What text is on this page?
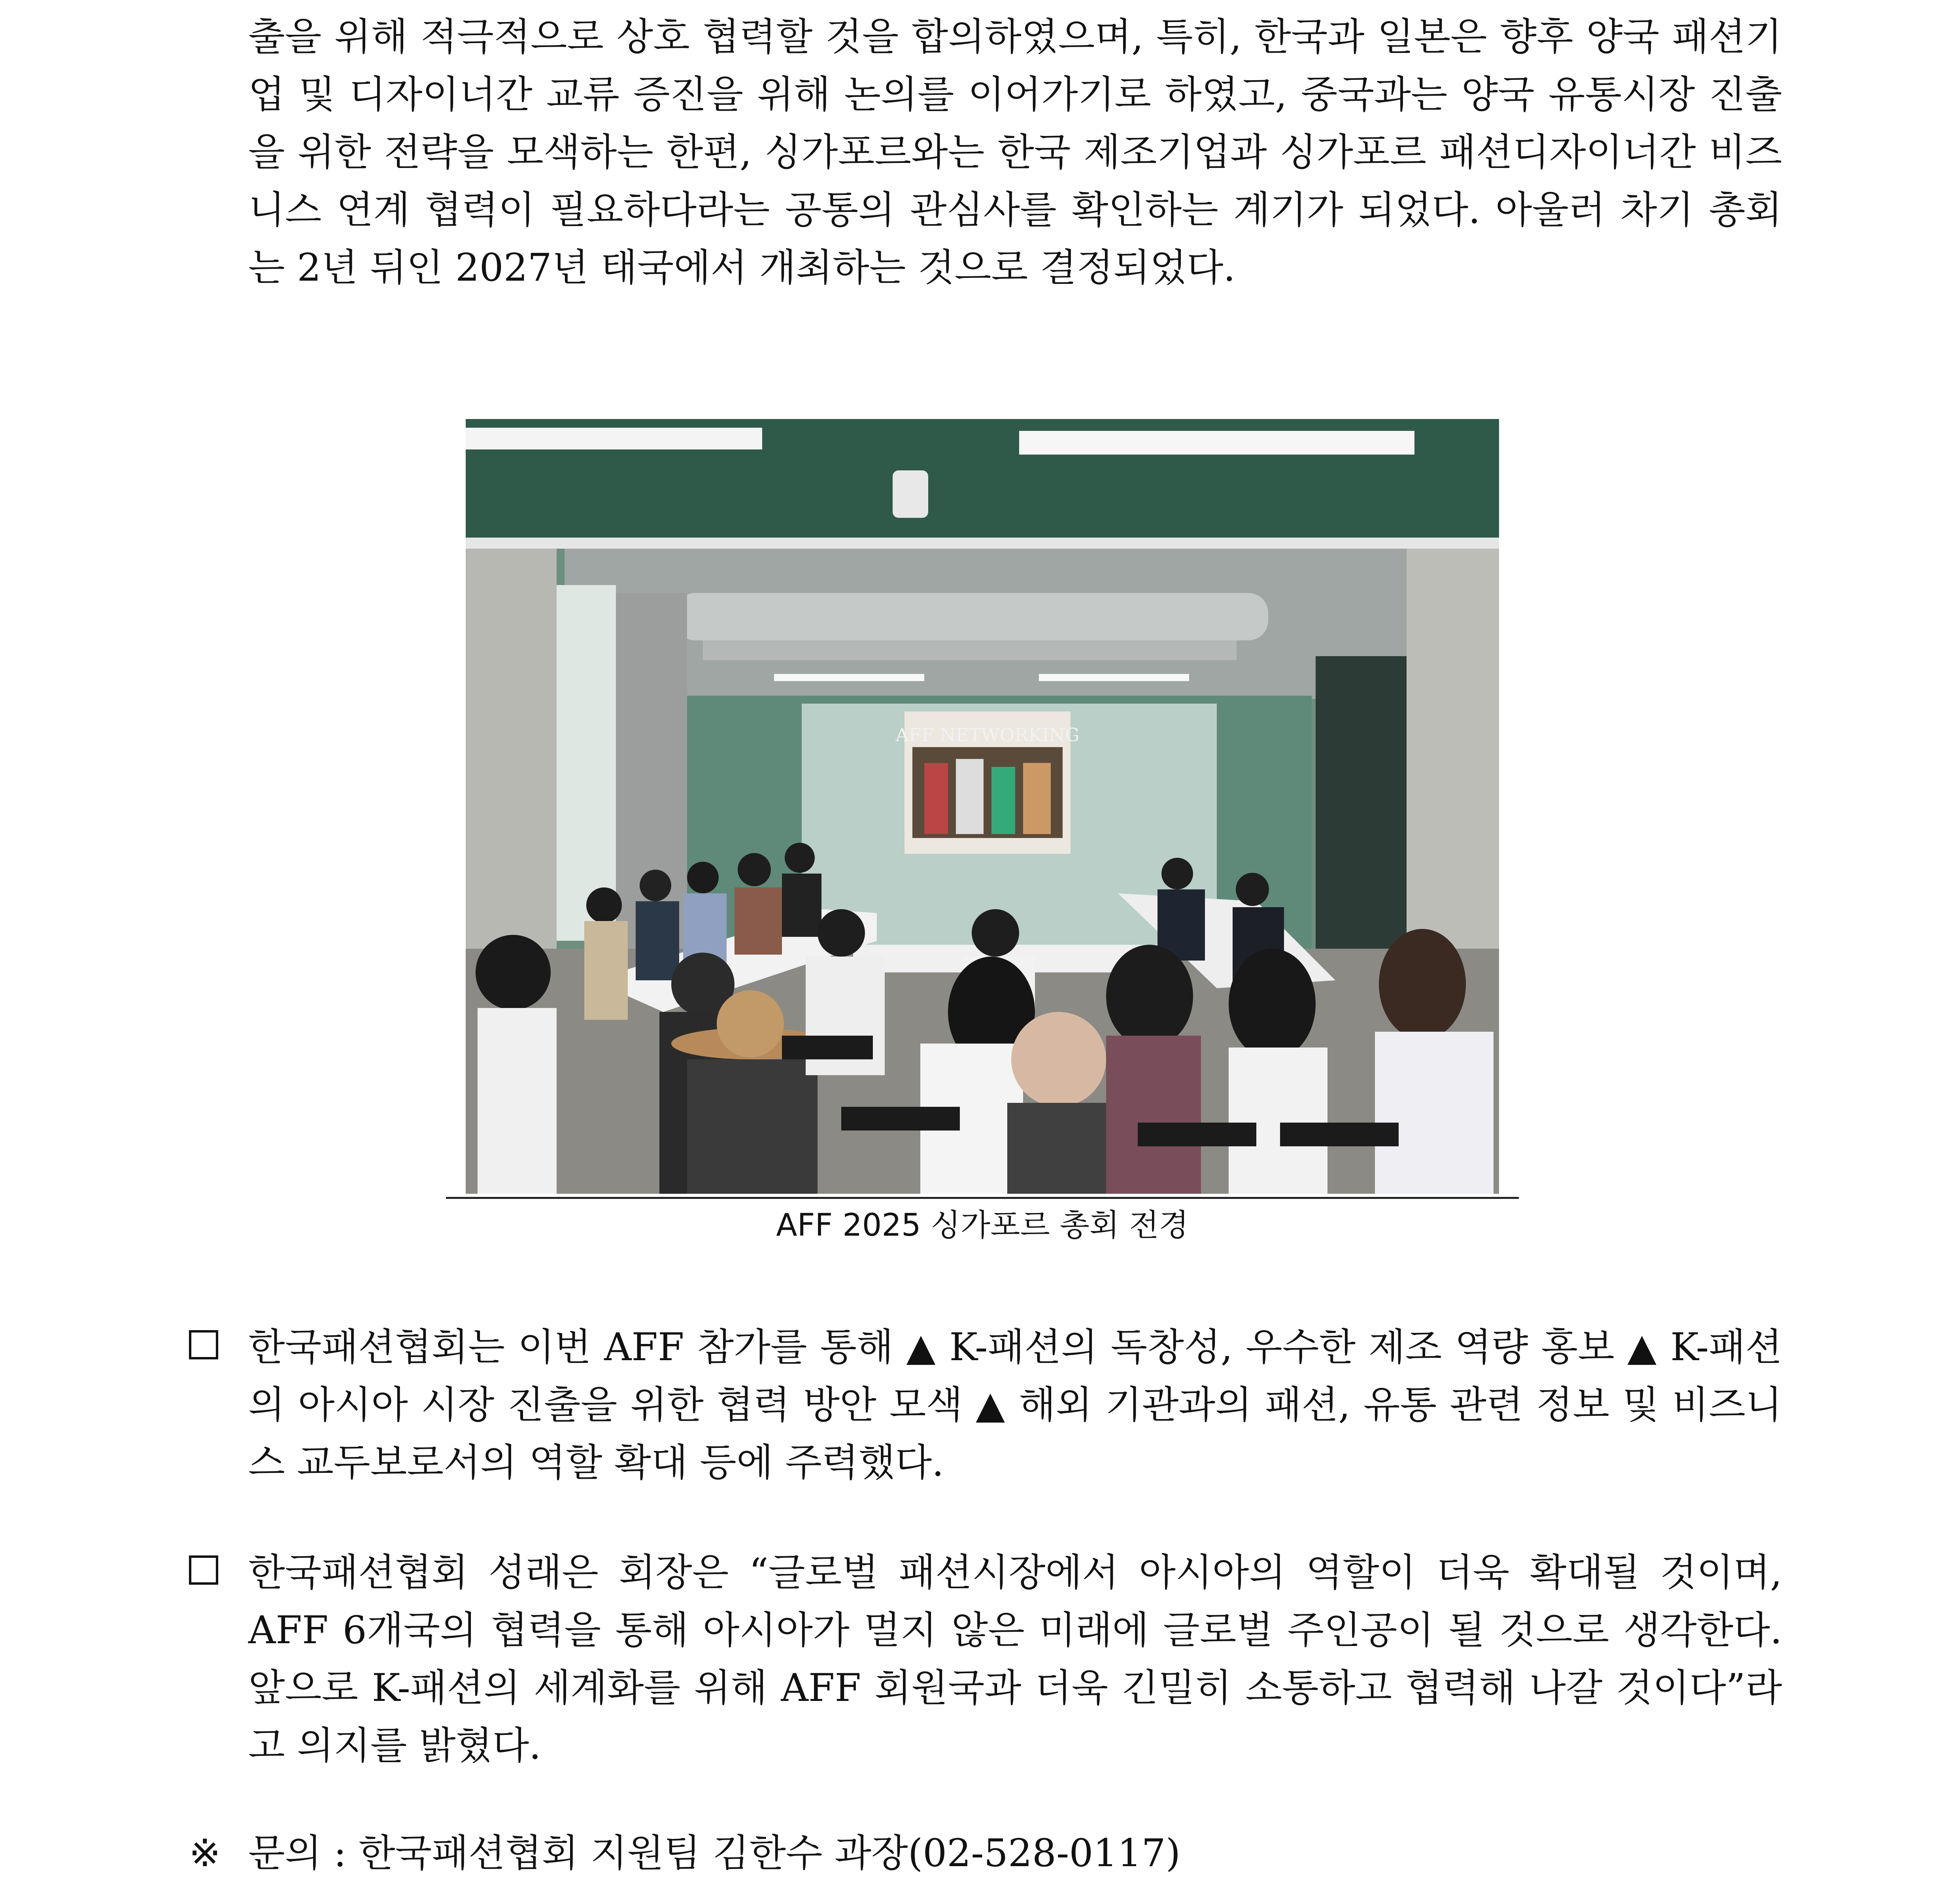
출을 위해 적극적으로 상호 협력할 것을 합의하였으며, 특히, 한국과 일본은 향후 양국 패션기업 및 디자이너간 교류 증진을 위해 논의를 이어가기로 하였고, 중국과는 양국 유통시장 진출을 위한 전략을 모색하는 한편, 싱가포르와는 한국 제조기업과 싱가포르 패션디자이너간 비즈니스 연계 협력이 필요하다라는 공통의 관심사를 확인하는 계기가 되었다. 아울러 차기 총회는 2년 뒤인 2027년 태국에서 개최하는 것으로 결정되었다.

AFF NETWORKING

AFF 2025 싱가포르 총회 전경

한국패션협회는 이번 AFF 참가를 통해 ▲ K-패션의 독창성, 우수한 제조 역량 홍보 ▲ K-패션의 아시아 시장 진출을 위한 협력 방안 모색 ▲ 해외 기관과의 패션, 유통 관련 정보 및 비즈니스 교두보로서의 역할 확대 등에 주력했다.

한국패션협회 성래은 회장은 “글로벌 패션시장에서 아시아의 역할이 더욱 확대될 것이며, AFF 6개국의 협력을 통해 아시아가 멀지 않은 미래에 글로벌 주인공이 될 것으로 생각한다. 앞으로 K-패션의 세계화를 위해 AFF 회원국과 더욱 긴밀히 소통하고 협력해 나갈 것이다”라고 의지를 밝혔다.

※ 문의 : 한국패션협회 지원팀 김한수 과장(02-528-0117)
